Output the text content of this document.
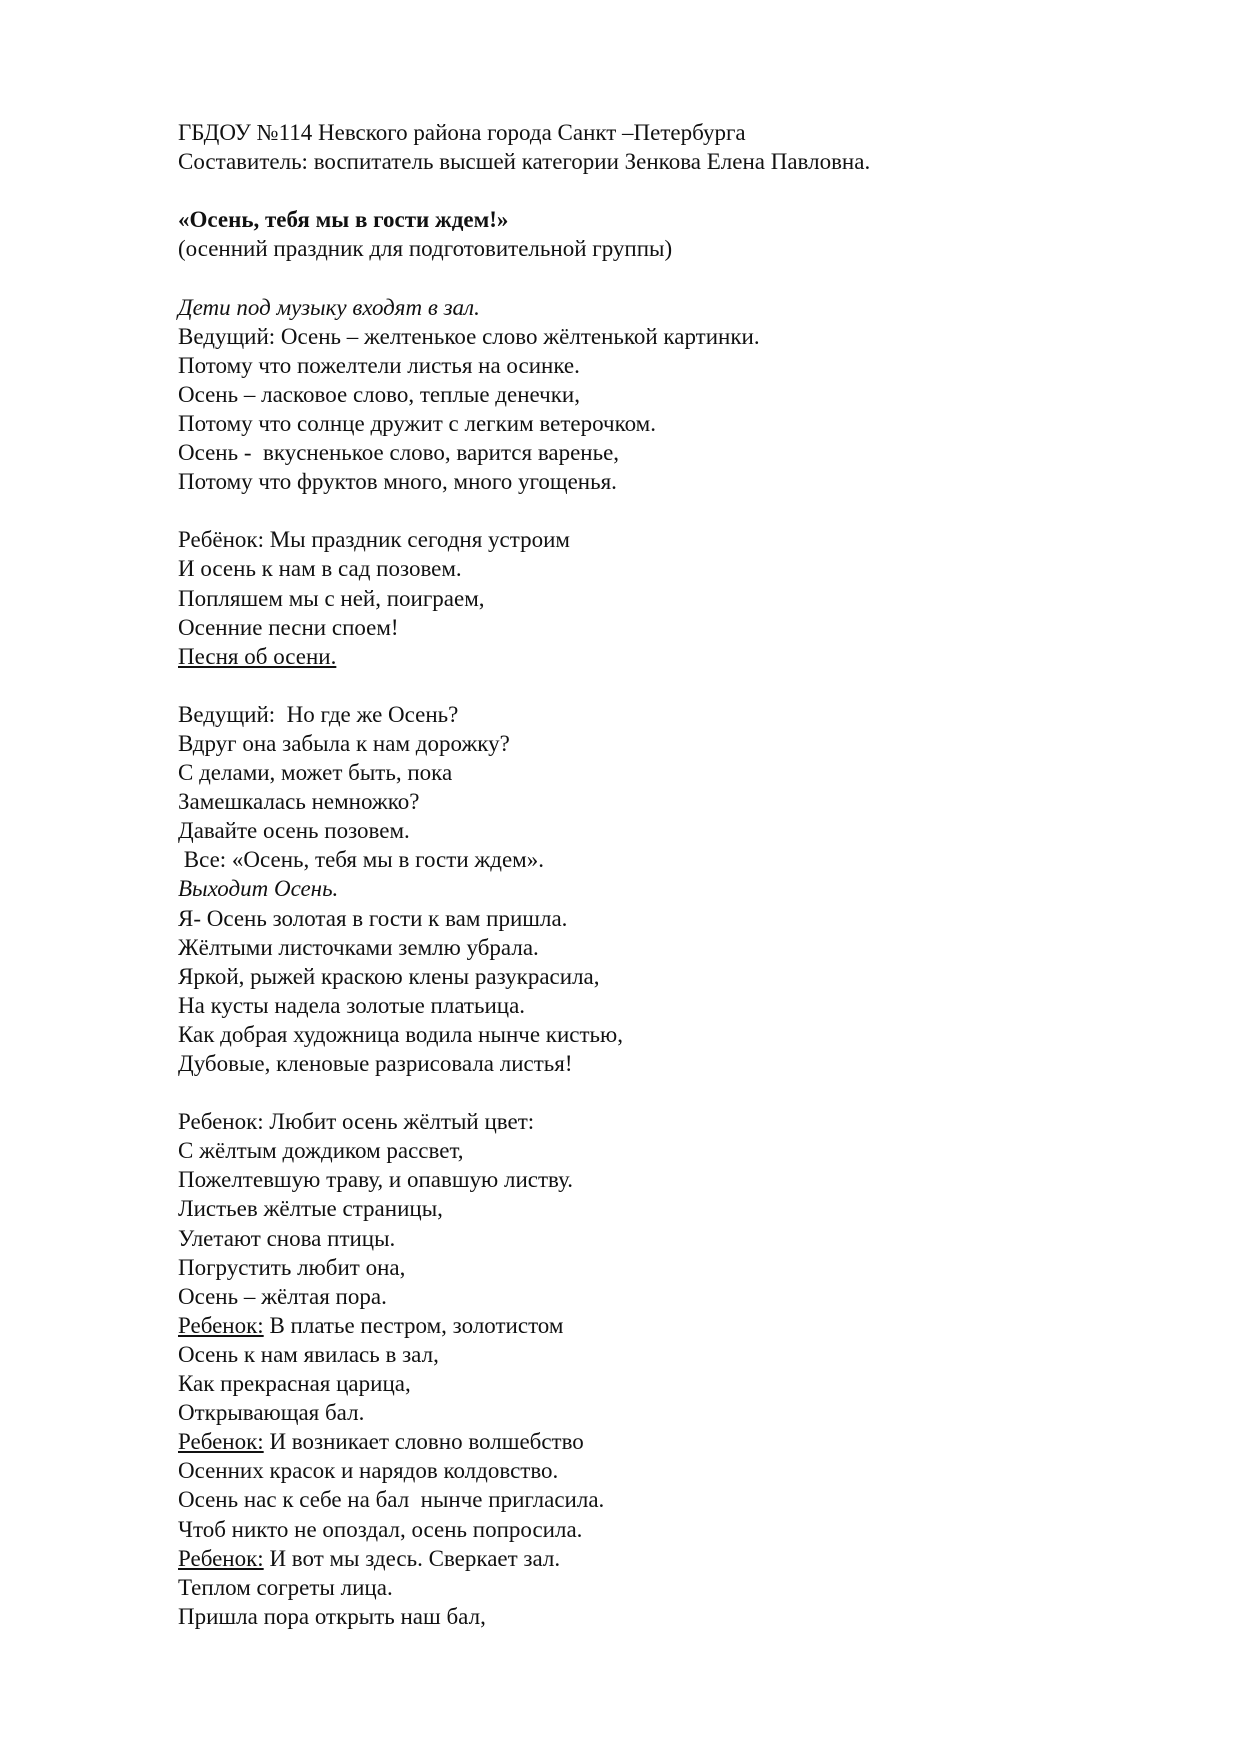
ГБДОУ №114 Невского района города Санкт –Петербурга
Составитель: воспитатель высшей категории Зенкова Елена Павловна.
«Осень, тебя мы в гости ждем!»
(осенний праздник для подготовительной группы)
Дети под музыку входят в зал.
Ведущий: Осень – желтенькое слово жёлтенькой картинки.
Потому что пожелтели листья на осинке.
Осень – ласковое слово, теплые денечки,
Потому что солнце дружит с легким ветерочком.
Осень -  вкусненькое слово, варится варенье,
Потому что фруктов много, много угощенья.
Ребёнок: Мы праздник сегодня устроим
И осень к нам в сад позовем.
Попляшем мы с ней, поиграем,
Осенние песни споем!
Песня об осени.
Ведущий:  Но где же Осень?
Вдруг она забыла к нам дорожку?
С делами, может быть, пока
Замешкалась немножко?
Давайте осень позовем.
Все: «Осень, тебя мы в гости ждем».
Выходит Осень.
Я- Осень золотая в гости к вам пришла.
Жёлтыми листочками землю убрала.
Яркой, рыжей краскою клены разукрасила,
На кусты надела золотые платьица.
Как добрая художница водила нынче кистью,
Дубовые, кленовые разрисовала листья!
Ребенок: Любит осень жёлтый цвет:
С жёлтым дождиком рассвет,
Пожелтевшую траву, и опавшую листву.
Листьев жёлтые страницы,
Улетают снова птицы.
Погрустить любит она,
Осень – жёлтая пора.
Ребенок: В платье пестром, золотистом
Осень к нам явилась в зал,
Как прекрасная царица,
Открывающая бал.
Ребенок: И возникает словно волшебство
Осенних красок и нарядов колдовство.
Осень нас к себе на бал  нынче пригласила.
Чтоб никто не опоздал, осень попросила.
Ребенок: И вот мы здесь. Сверкает зал.
Теплом согреты лица.
Пришла пора открыть наш бал,
